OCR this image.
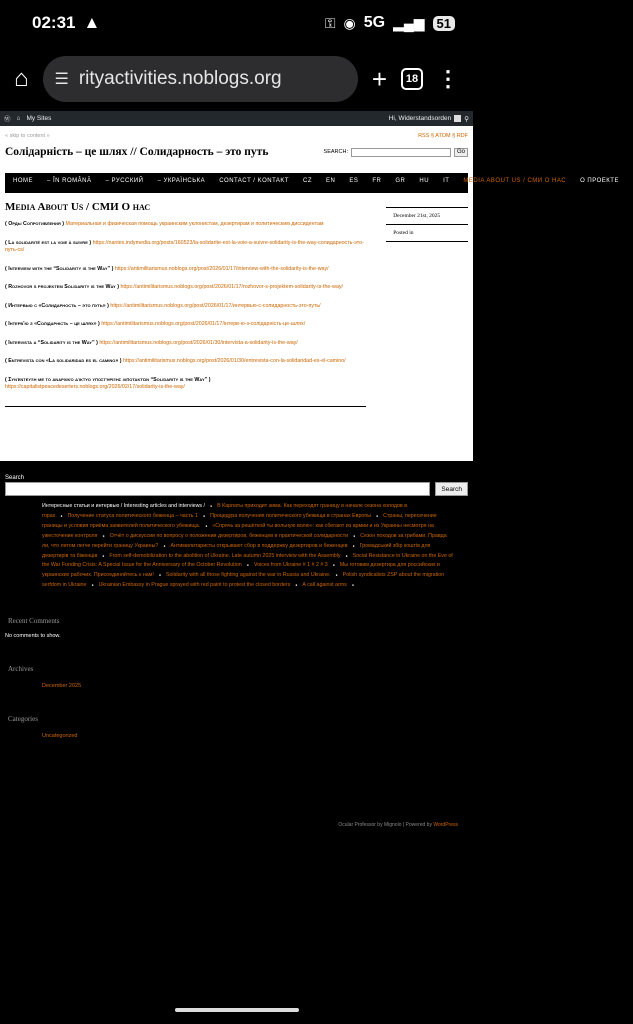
02:31 ▲	⚿ ◉ 5G ▂▄▆ 51
⌂ ☰ rityactivities.noblogs.org	+	18 ⋮
Ⓦ ⌂ My Sites	Hi, Widerstandsorden ⚲
« skip to content »	RSS § ATOM § RDF
Солідарність – це шлях // Солидарность – это путь	SEARCH:	Go
HOME – ÎN ROMÂNĂ – РУССКИЙ – УКРАЇНСЬКА CONTACT / KONTAKT CZ EN ES FR GR HU IT MEDIA ABOUT US / СМИ О НАС О ПРОЕКТЕ
Media About Us / СМИ О нас
( Орды Сопротивления ) Материальная и физическая помощь украинским уклонистам, дезертирам и политическим диссидентам
( La solidarité est la voie à suivre ) https://nantes.indymedia.org/posts/160523/la-solidarite-est-la-voie-a-suivre-solidarity-is-the-way-солидарность-это-путь-cs/
( Interview with the “Solidarity is the Way” ) https://antimilitarismus.noblogs.org/post/2026/01/17/interview-with-the-solidarity-is-the-way/
( Rozhovor s projektem Solidarity is the Way ) https://antimilitarismus.noblogs.org/post/2026/01/17/rozhovor-s-projektem-solidarity-is-the-way/
( Интервью с «Солидарность – это путь» ) https://antimilitarismus.noblogs.org/post/2026/01/17/интервью-с-солидарность-это-путь/
( Інтерв'ю з «Солідарність – це шлях» ) https://antimilitarismus.noblogs.org/post/2026/01/17/інтерв-ю-з-солідарність-це-шлях/
( Intervista a “Solidarity is the Way” ) https://antimilitarismus.noblogs.org/post/2026/01/30/intervista-a-solidarity-is-the-way/
( Entrevista con «La solidaridad es el camino» ) https://antimilitarismus.noblogs.org/post/2026/01/30/entrevista-con-la-solidaridad-es-el-camino/
( Συνέντευξη με το αναρχικό δίκτυο υποστήριξης λιποτακτών “Solidarity is the Way” ) https://capitalistpeacedeserters.noblogs.org/2026/02/17/solidarity-is-the-way/
December 21st, 2025
Posted in
Search
Search
Интересные статьи и интервью / Interesting articles and interviews / ● В Карпаты приходит зима. Как переходят границу в начале сезона холодов в горах ● Получение статуса политического беженца – часть 1 ● Процедура получения политического убежища в странах Европы ● Страны, пересечение границы и условия приёма заявителей политического убежища. ● «Спрячь за решёткой ты вольную волю»: как сбегают из армии и из Украины несмотря на ужесточение контроля ● Отчёт о дискуссии по вопросу о положении дезертиров, беженцев и практической солидарности ● Сезон походов за грибами. Правда ли, что летом легче перейти границу Украины? ● Антимилитаристы открывают сбор в поддержку дезертиров и беженцев ● Громадський збір коштів для дезертирів та біженців ● From self-demobilization to the abolition of Ukraine. Late autumn 2025 interview with the Assembly ● Social Resistance in Ukraine on the Eve of the War Funding Crisis: A Special Issue for the Anniversary of the October Revolution ● Voices from Ukraine # 1 # 2 # 3 ● Мы готовим дезертира для российских и украинских рабочих. Присоединяйтесь к нам! ● Solidarity with all those fighting against the war in Russia and Ukraine. ● Polish syndicalists ZSP about the migration serfdom in Ukraine ● Ukrainian Embassy in Prague sprayed with red paint to protest the closed borders ● A call against arms ●
Recent Comments
No comments to show.
Archives
December 2025
Categories
Uncategorized
Ocular Professor by Mignolo | Powered by WordPress
